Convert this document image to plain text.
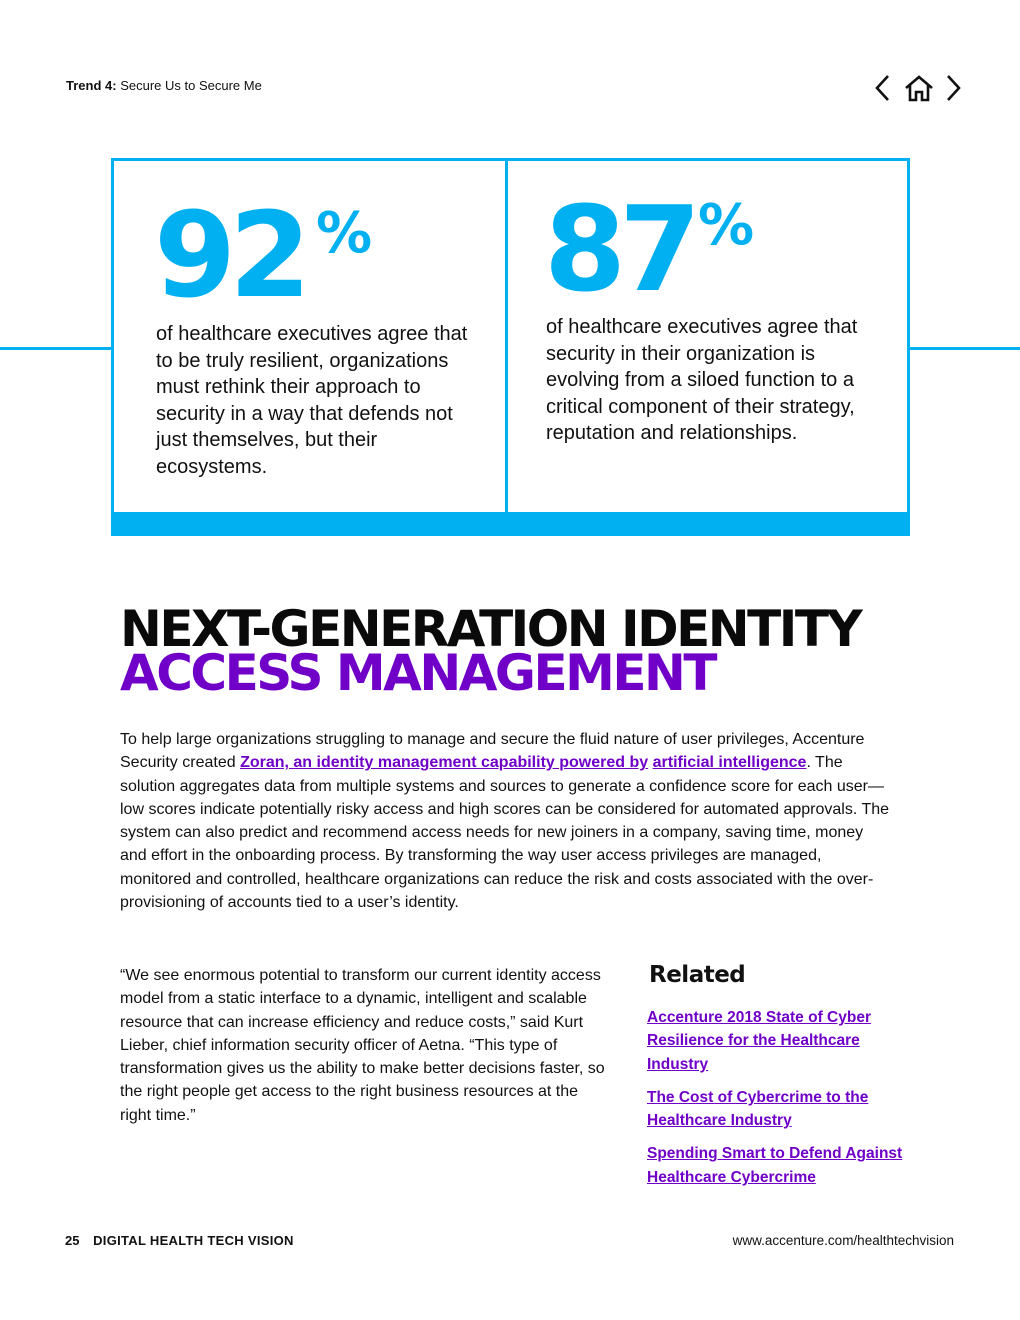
Trend 4: Secure Us to Secure Me
92 %
of healthcare executives agree that to be truly resilient, organizations must rethink their approach to security in a way that defends not just themselves, but their ecosystems.
87 %
of healthcare executives agree that security in their organization is evolving from a siloed function to a critical component of their strategy, reputation and relationships.
NEXT-GENERATION IDENTITY
ACCESS MANAGEMENT

To help large organizations struggling to manage and secure the fluid nature of user privileges, Accenture Security created Zoran, an identity management capability powered by artificial intelligence. The solution aggregates data from multiple systems and sources to generate a confidence score for each user—low scores indicate potentially risky access and high scores can be considered for automated approvals. The system can also predict and recommend access needs for new joiners in a company, saving time, money and effort in the onboarding process. By transforming the way user access privileges are managed, monitored and controlled, healthcare organizations can reduce the risk and costs associated with the over-provisioning of accounts tied to a user’s identity.

“We see enormous potential to transform our current identity access model from a static interface to a dynamic, intelligent and scalable resource that can increase efficiency and reduce costs,” said Kurt Lieber, chief information security officer of Aetna. “This type of transformation gives us the ability to make better decisions faster, so the right people get access to the right business resources at the right time.”

Related
Accenture 2018 State of Cyber Resilience for the Healthcare Industry
The Cost of Cybercrime to the Healthcare Industry
Spending Smart to Defend Against Healthcare Cybercrime
25 DIGITAL HEALTH TECH VISION	www.accenture.com/healthtechvision
